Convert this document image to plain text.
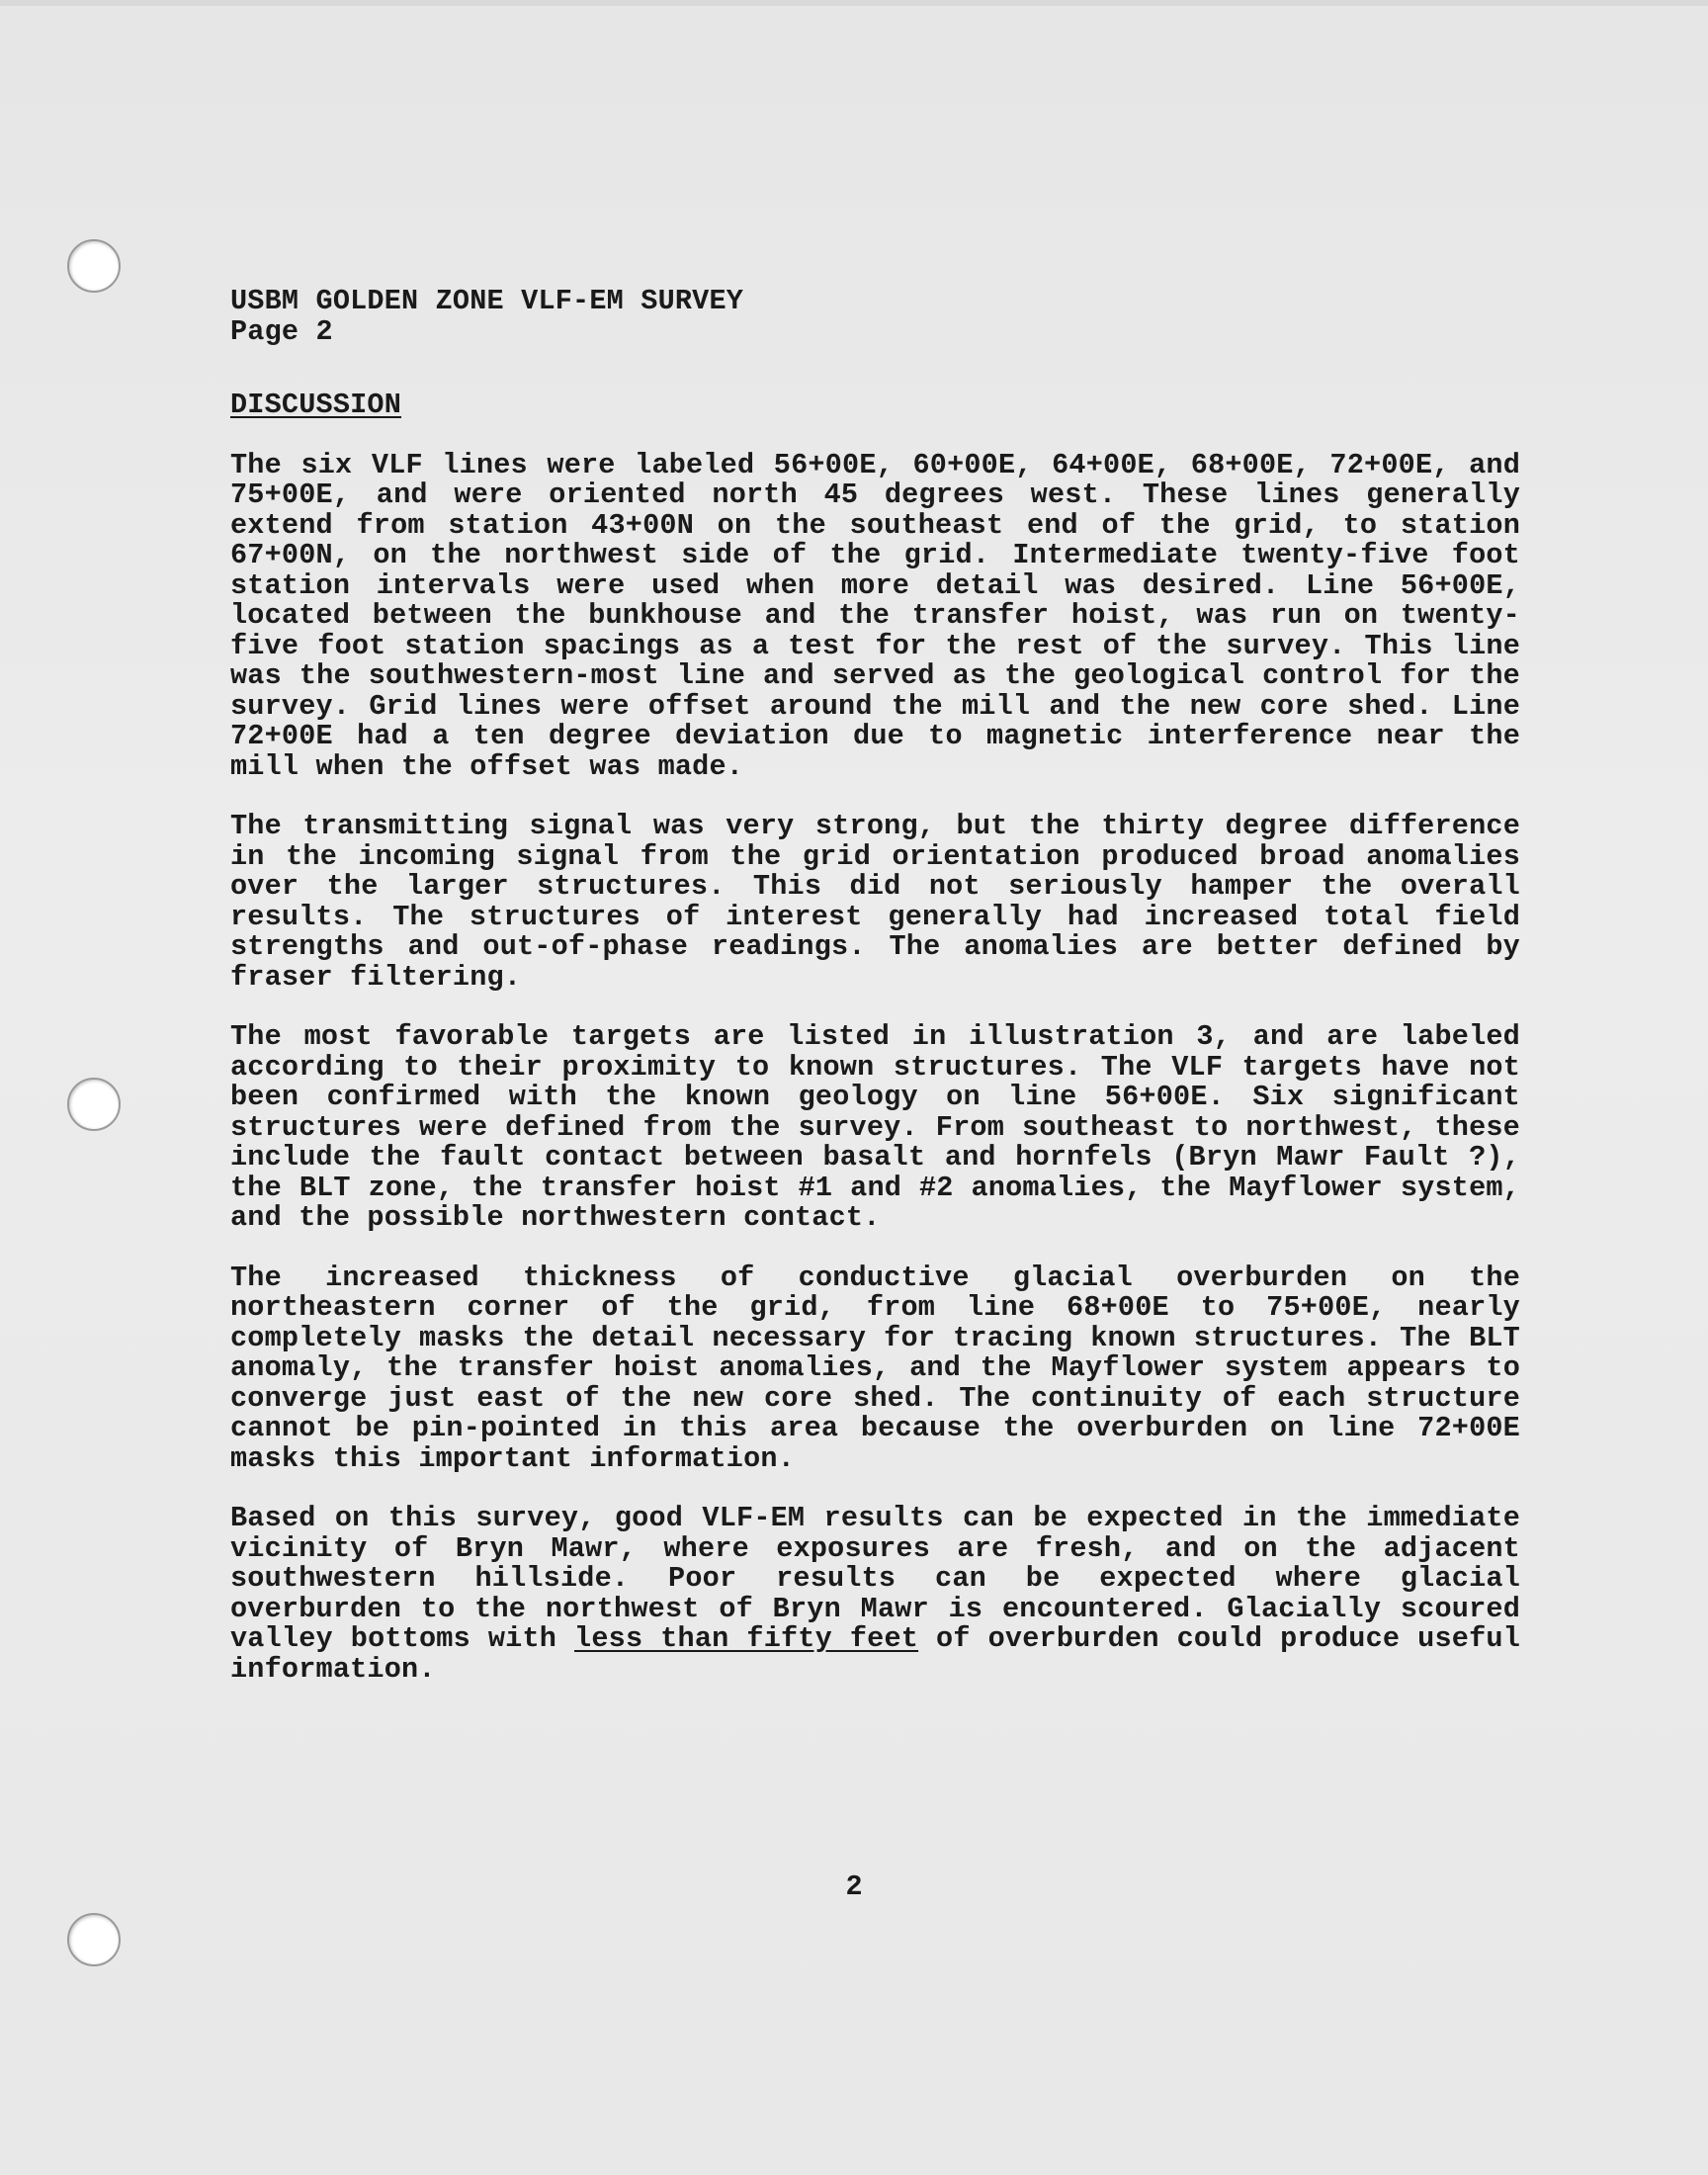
USBM GOLDEN ZONE VLF-EM SURVEY

Page 2

DISCUSSION

The six VLF lines were labeled 56+00E, 60+00E, 64+00E, 68+00E, 72+00E, and 75+00E, and were oriented north 45 degrees west. These lines generally extend from station 43+00N on the southeast end of the grid, to station 67+00N, on the northwest side of the grid. Intermediate twenty-five foot station intervals were used when more detail was desired. Line 56+00E, located between the bunkhouse and the transfer hoist, was run on twenty-five foot station spacings as a test for the rest of the survey. This line was the southwestern-most line and served as the geological control for the survey. Grid lines were offset around the mill and the new core shed. Line 72+00E had a ten degree deviation due to magnetic interference near the mill when the offset was made.

The transmitting signal was very strong, but the thirty degree difference in the incoming signal from the grid orientation produced broad anomalies over the larger structures. This did not seriously hamper the overall results. The structures of interest generally had increased total field strengths and out-of-phase readings. The anomalies are better defined by fraser filtering.

The most favorable targets are listed in illustration 3, and are labeled according to their proximity to known structures. The VLF targets have not been confirmed with the known geology on line 56+00E. Six significant structures were defined from the survey. From southeast to northwest, these include the fault contact between basalt and hornfels (Bryn Mawr Fault ?), the BLT zone, the transfer hoist #1 and #2 anomalies, the Mayflower system, and the possible northwestern contact.

The increased thickness of conductive glacial overburden on the northeastern corner of the grid, from line 68+00E to 75+00E, nearly completely masks the detail necessary for tracing known structures. The BLT anomaly, the transfer hoist anomalies, and the Mayflower system appears to converge just east of the new core shed. The continuity of each structure cannot be pin-pointed in this area because the overburden on line 72+00E masks this important information.

Based on this survey, good VLF-EM results can be expected in the immediate vicinity of Bryn Mawr, where exposures are fresh, and on the adjacent southwestern hillside. Poor results can be expected where glacial overburden to the northwest of Bryn Mawr is encountered. Glacially scoured valley bottoms with less than fifty feet of overburden could produce useful information.

2
